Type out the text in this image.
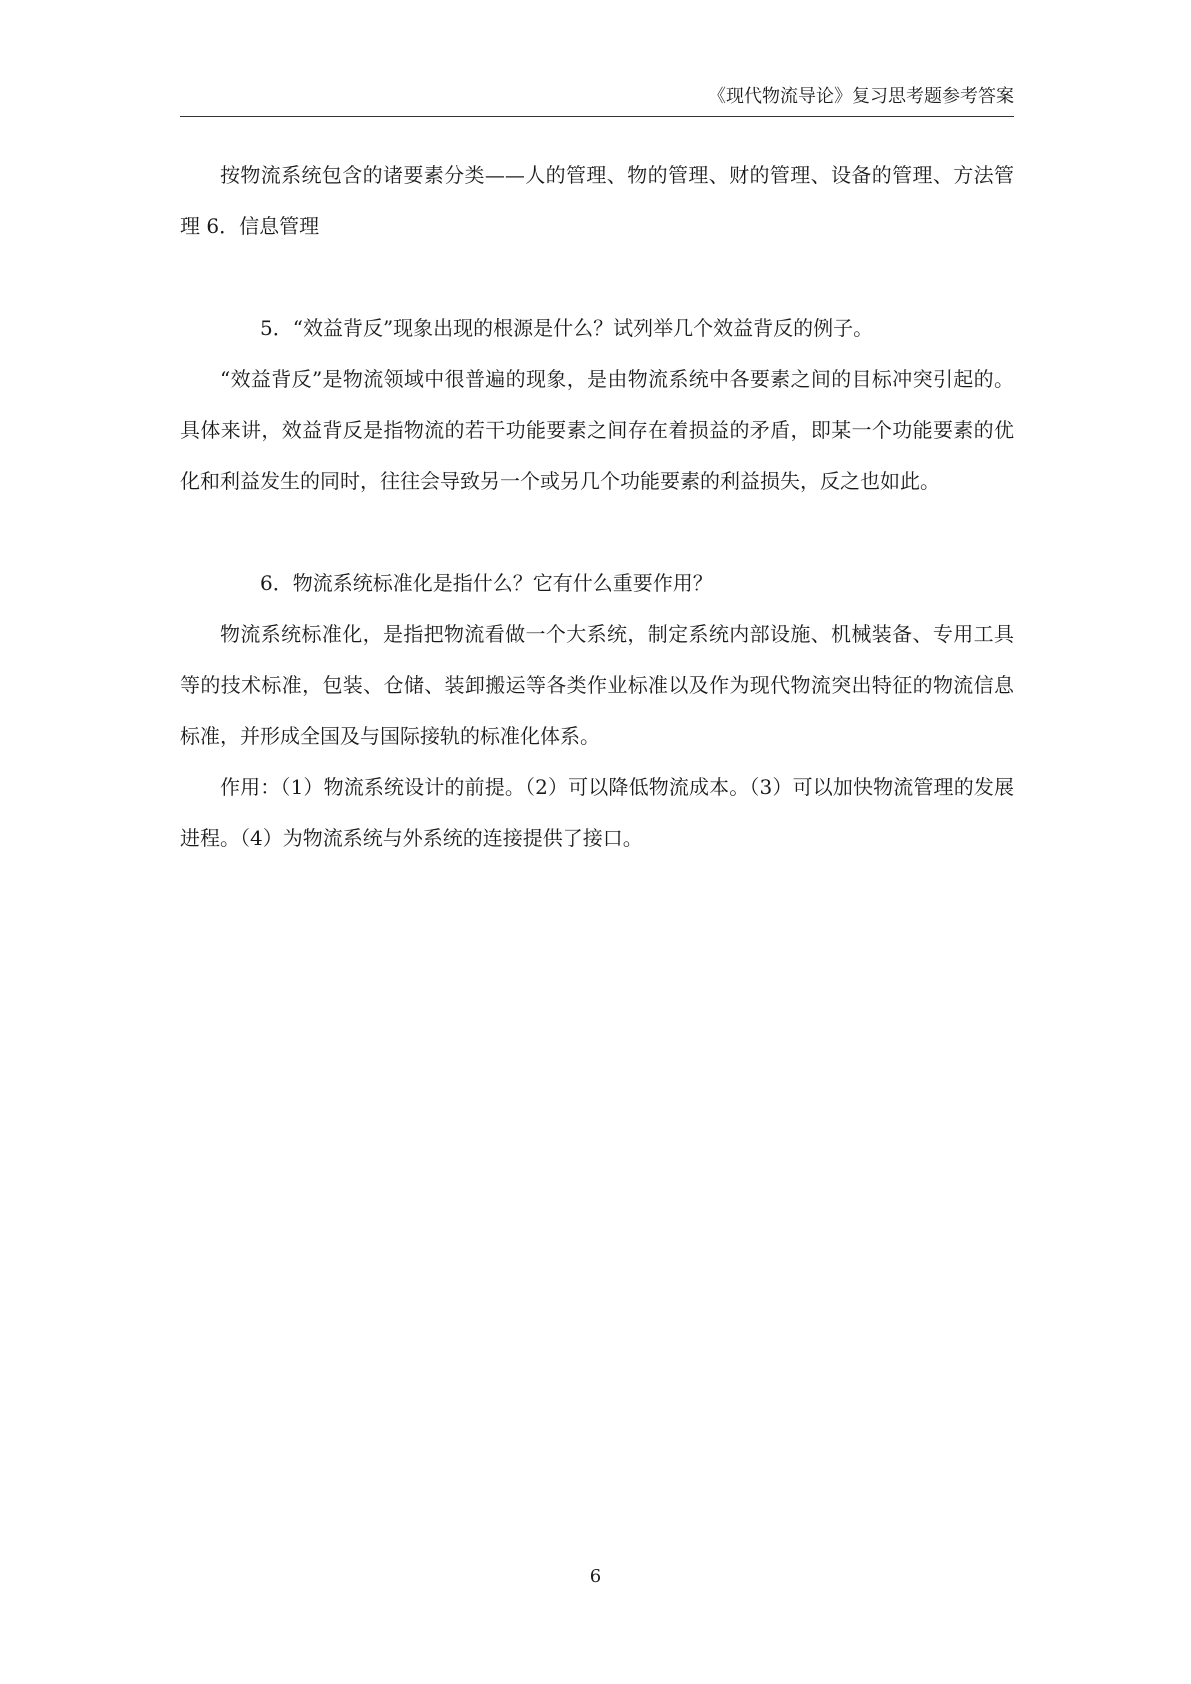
《现代物流导论》复习思考题参考答案

按物流系统包含的诸要素分类——人的管理、物的管理、财的管理、设备的管理、方法管理 6．信息管理

5．“效益背反”现象出现的根源是什么？试列举几个效益背反的例子。

“效益背反”是物流领域中很普遍的现象，是由物流系统中各要素之间的目标冲突引起的。具体来讲，效益背反是指物流的若干功能要素之间存在着损益的矛盾，即某一个功能要素的优化和利益发生的同时，往往会导致另一个或另几个功能要素的利益损失，反之也如此。

6．物流系统标准化是指什么？它有什么重要作用？

物流系统标准化，是指把物流看做一个大系统，制定系统内部设施、机械装备、专用工具等的技术标准，包装、仓储、装卸搬运等各类作业标准以及作为现代物流突出特征的物流信息标准，并形成全国及与国际接轨的标准化体系。

作用：（1）物流系统设计的前提。（2）可以降低物流成本。（3）可以加快物流管理的发展进程。（4）为物流系统与外系统的连接提供了接口。

6
